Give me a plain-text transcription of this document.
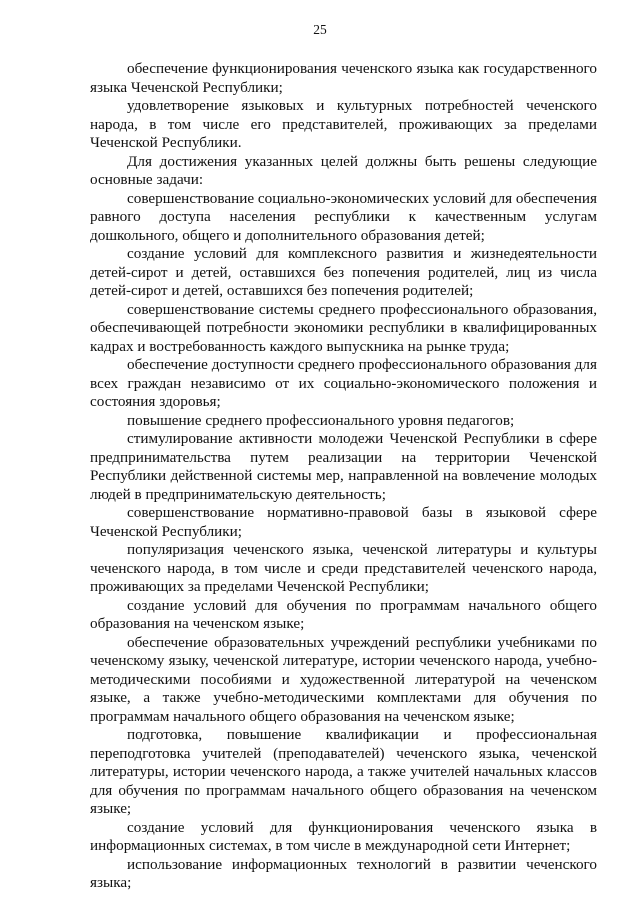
25

обеспечение функционирования чеченского языка как государственного языка Чеченской Республики;

удовлетворение языковых и культурных потребностей чеченского народа, в том числе его представителей, проживающих за пределами Чеченской Республики.

Для достижения указанных целей должны быть решены следующие основные задачи:

совершенствование социально-экономических условий для обеспечения равного доступа населения республики к качественным услугам дошкольного, общего и дополнительного образования детей;

создание условий для комплексного развития и жизнедеятельности детей-сирот и детей, оставшихся без попечения родителей, лиц из числа детей-сирот и детей, оставшихся без попечения родителей;

совершенствование системы среднего профессионального образования, обеспечивающей потребности экономики республики в квалифицированных кадрах и востребованность каждого выпускника на рынке труда;

обеспечение доступности среднего профессионального образования для всех граждан независимо от их социально-экономического положения и состояния здоровья;

повышение среднего профессионального уровня педагогов;

стимулирование активности молодежи Чеченской Республики в сфере предпринимательства путем реализации на территории Чеченской Республики действенной системы мер, направленной на вовлечение молодых людей в предпринимательскую деятельность;

совершенствование нормативно-правовой базы в языковой сфере Чеченской Республики;

популяризация чеченского языка, чеченской литературы и культуры чеченского народа, в том числе и среди представителей чеченского народа, проживающих за пределами Чеченской Республики;

создание условий для обучения по программам начального общего образования на чеченском языке;

обеспечение образовательных учреждений республики учебниками по чеченскому языку, чеченской литературе, истории чеченского народа, учебно-методическими пособиями и художественной литературой на чеченском языке, а также учебно-методическими комплектами для обучения по программам начального общего образования на чеченском языке;

подготовка, повышение квалификации и профессиональная переподготовка учителей (преподавателей) чеченского языка, чеченской литературы, истории чеченского народа, а также учителей начальных классов для обучения по программам начального общего образования на чеченском языке;

создание условий для функционирования чеченского языка в информационных системах, в том числе в международной сети Интернет;

использование информационных технологий в развитии чеченского языка;
